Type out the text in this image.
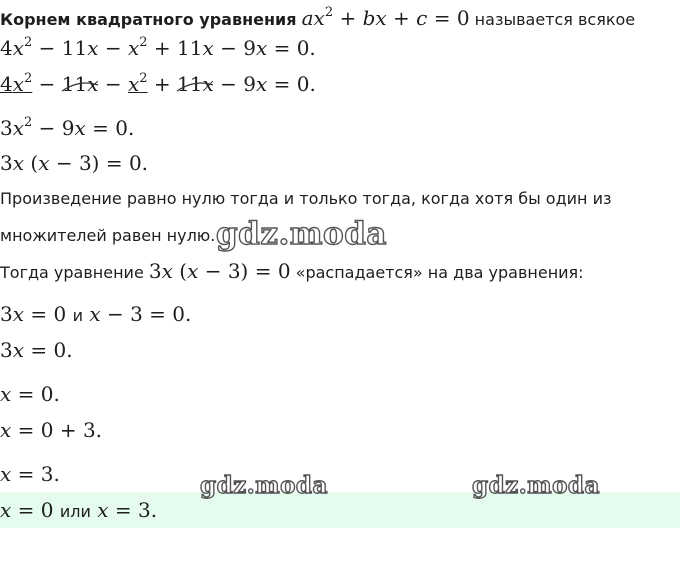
Корнем квадратного уравнения $ax^2$ + bx + c = 0 называется всякое
$4x^2 - 11x - x^2 + 11x - 9x = 0$.
$4x^2 - 11x$
− $x^2 + 11x$
− 9x = 0.
$3x^2 - 9x = 0$.
3x (x − 3) = 0.
Произведение равно нулю тогда и только тогда, когда хотя бы один из
множителей равен нулю. gdz.moda
Тогда уравнение 3x (x − 3) = 0 «распадается» на два уравнения:
3x = 0 и x − 3 = 0.
3x = 0.
x = 0.
x = 0 + 3.
x = 3.
x = 0 или x = 3.
gdz.moda	gdz.moda
